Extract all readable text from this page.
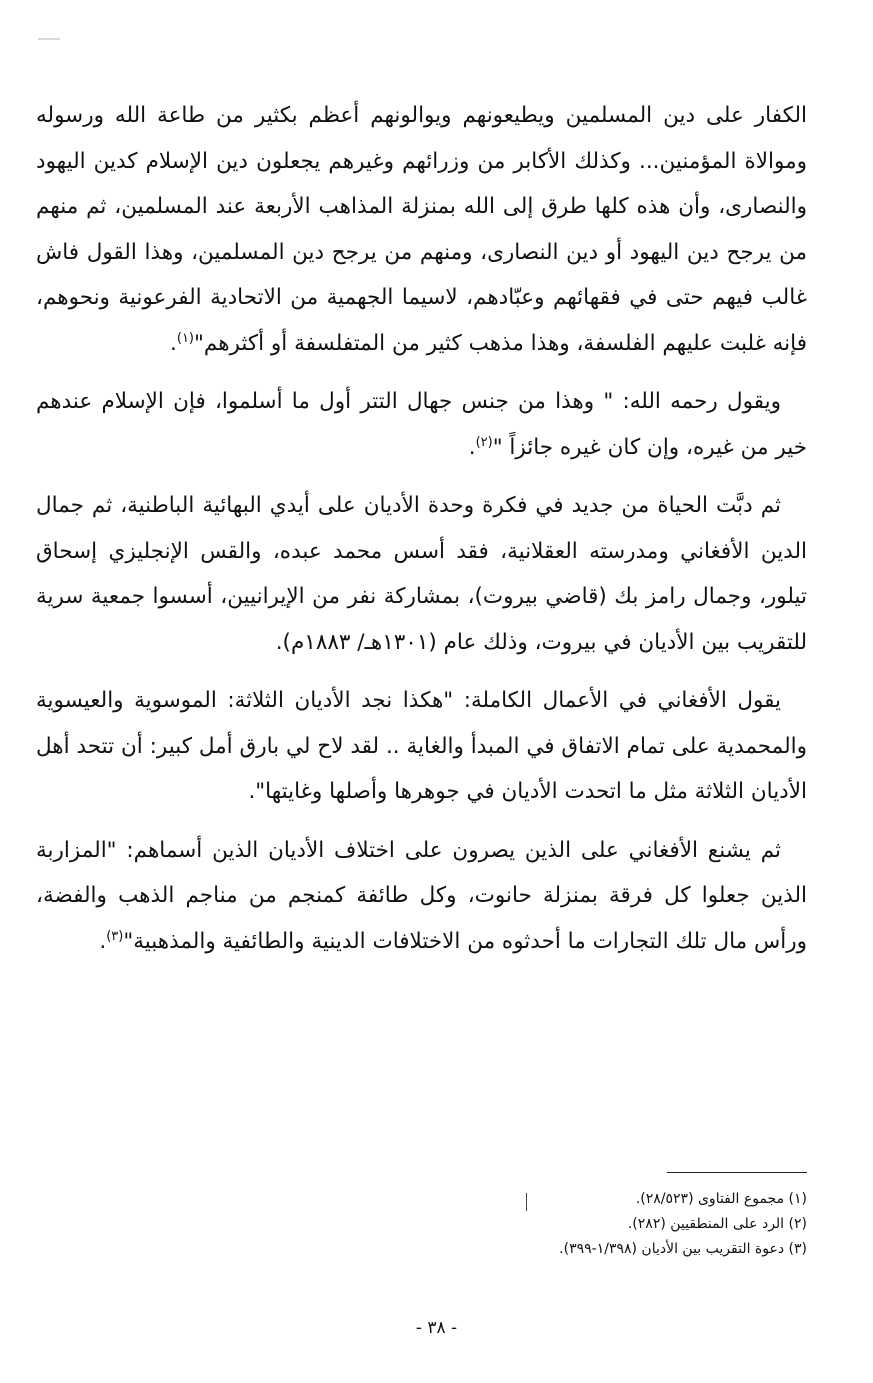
الكفار على دين المسلمين ويطيعونهم ويوالونهم أعظم بكثير من طاعة الله ورسوله وموالاة المؤمنين... وكذلك الأكابر من وزرائهم وغيرهم يجعلون دين الإسلام كدين اليهود والنصارى، وأن هذه كلها طرق إلى الله بمنزلة المذاهب الأربعة عند المسلمين، ثم منهم من يرجح دين اليهود أو دين النصارى، ومنهم من يرجح دين المسلمين، وهذا القول فاش غالب فيهم حتى في فقهائهم وعبّادهم، لاسيما الجهمية من الاتحادية الفرعونية ونحوهم، فإنه غلبت عليهم الفلسفة، وهذا مذهب كثير من المتفلسفة أو أكثرهم"$^{(١)}$.

ويقول رحمه الله: " وهذا من جنس جهال التتر أول ما أسلموا، فإن الإسلام عندهم خير من غيره، وإن كان غيره جائزاً "$^{(٢)}$.

ثم دبَّت الحياة من جديد في فكرة وحدة الأديان على أيدي البهائية الباطنية، ثم جمال الدين الأفغاني ومدرسته العقلانية، فقد أسس محمد عبده، والقس الإنجليزي إسحاق تيلور، وجمال رامز بك (قاضي بيروت)، بمشاركة نفر من الإيرانيين، أسسوا جمعية سرية للتقريب بين الأديان في بيروت، وذلك عام (١٣٠١هـ/ ١٨٨٣م).

يقول الأفغاني في الأعمال الكاملة: "هكذا نجد الأديان الثلاثة: الموسوية والعيسوية والمحمدية على تمام الاتفاق في المبدأ والغاية .. لقد لاح لي بارق أمل كبير: أن تتحد أهل الأديان الثلاثة مثل ما اتحدت الأديان في جوهرها وأصلها وغايتها".

ثم يشنع الأفغاني على الذين يصرون على اختلاف الأديان الذين أسماهم: "المزاربة الذين جعلوا كل فرقة بمنزلة حانوت، وكل طائفة كمنجم من مناجم الذهب والفضة، ورأس مال تلك التجارات ما أحدثوه من الاختلافات الدينية والطائفية والمذهبية"$^{(٣)}$.

(١) مجموع الفتاوى (٢٨/٥٢٣).

(٢) الرد على المنطقيين (٢٨٢).

(٣) دعوة التقريب بين الأديان (١/٣٩٨-٣٩٩).

- ٣٨ -
